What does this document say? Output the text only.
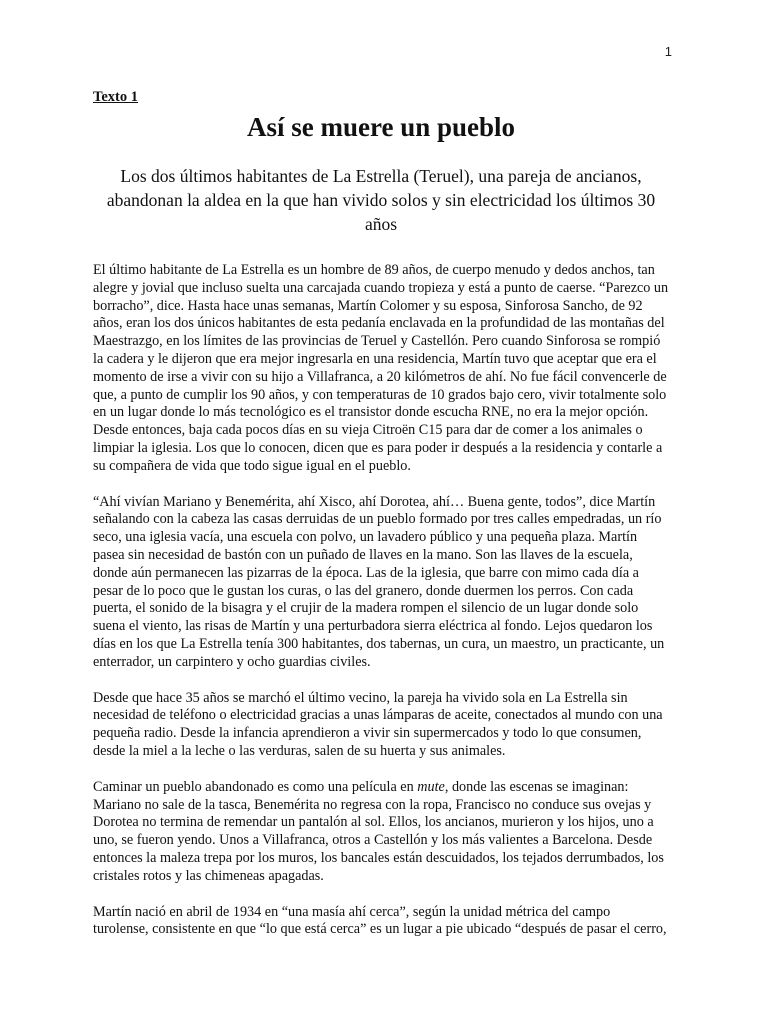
1

Texto 1

Así se muere un pueblo

Los dos últimos habitantes de La Estrella (Teruel), una pareja de ancianos, abandonan la aldea en la que han vivido solos y sin electricidad los últimos 30 años

El último habitante de La Estrella es un hombre de 89 años, de cuerpo menudo y dedos anchos, tan alegre y jovial que incluso suelta una carcajada cuando tropieza y está a punto de caerse. “Parezco un borracho”, dice. Hasta hace unas semanas, Martín Colomer y su esposa, Sinforosa Sancho, de 92 años, eran los dos únicos habitantes de esta pedanía enclavada en la profundidad de las montañas del Maestrazgo, en los límites de las provincias de Teruel y Castellón. Pero cuando Sinforosa se rompió la cadera y le dijeron que era mejor ingresarla en una residencia, Martín tuvo que aceptar que era el momento de irse a vivir con su hijo a Villafranca, a 20 kilómetros de ahí. No fue fácil convencerle de que, a punto de cumplir los 90 años, y con temperaturas de 10 grados bajo cero, vivir totalmente solo en un lugar donde lo más tecnológico es el transistor donde escucha RNE, no era la mejor opción. Desde entonces, baja cada pocos días en su vieja Citroën C15 para dar de comer a los animales o limpiar la iglesia. Los que lo conocen, dicen que es para poder ir después a la residencia y contarle a su compañera de vida que todo sigue igual en el pueblo.

“Ahí vivían Mariano y Benemérita, ahí Xisco, ahí Dorotea, ahí… Buena gente, todos”, dice Martín señalando con la cabeza las casas derruidas de un pueblo formado por tres calles empedradas, un río seco, una iglesia vacía, una escuela con polvo, un lavadero público y una pequeña plaza. Martín pasea sin necesidad de bastón con un puñado de llaves en la mano. Son las llaves de la escuela, donde aún permanecen las pizarras de la época. Las de la iglesia, que barre con mimo cada día a pesar de lo poco que le gustan los curas, o las del granero, donde duermen los perros. Con cada puerta, el sonido de la bisagra y el crujir de la madera rompen el silencio de un lugar donde solo suena el viento, las risas de Martín y una perturbadora sierra eléctrica al fondo. Lejos quedaron los días en los que La Estrella tenía 300 habitantes, dos tabernas, un cura, un maestro, un practicante, un enterrador, un carpintero y ocho guardias civiles.

Desde que hace 35 años se marchó el último vecino, la pareja ha vivido sola en La Estrella sin necesidad de teléfono o electricidad gracias a unas lámparas de aceite, conectados al mundo con una pequeña radio. Desde la infancia aprendieron a vivir sin supermercados y todo lo que consumen, desde la miel a la leche o las verduras, salen de su huerta y sus animales.

Caminar un pueblo abandonado es como una película en mute, donde las escenas se imaginan: Mariano no sale de la tasca, Benemérita no regresa con la ropa, Francisco no conduce sus ovejas y Dorotea no termina de remendar un pantalón al sol. Ellos, los ancianos, murieron y los hijos, uno a uno, se fueron yendo. Unos a Villafranca, otros a Castellón y los más valientes a Barcelona. Desde entonces la maleza trepa por los muros, los bancales están descuidados, los tejados derrumbados, los cristales rotos y las chimeneas apagadas.

Martín nació en abril de 1934 en “una masía ahí cerca”, según la unidad métrica del campo turolense, consistente en que “lo que está cerca” es un lugar a pie ubicado “después de pasar el cerro,
